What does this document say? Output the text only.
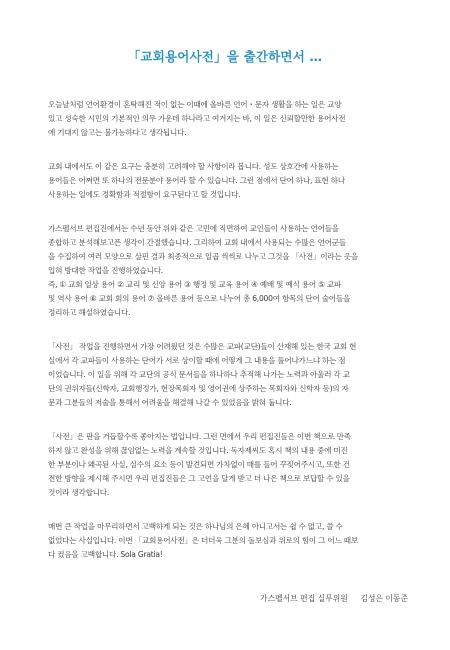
「교회용어사전」을 출간하면서 …

오늘날처럼 언어환경이 혼탁해진 적이 없는 이때에 올바른 언어・문자 생활을 하는 일은 교양
있고 성숙한 시민의 기본적인 의무 가운데 하나라고 여겨지는 바, 이 일은 신뢰할만한 용어사전
에 기대지 않고는 불가능하다고 생각됩니다.

교회 내에서도 이 같은 요구는 충분히 고려해야 할 사항이라 봅니다. 성도 상호간에 사용하는
용어들은 어쩌면 또 하나의 전문분야 용어라 할 수 있습니다. 그런 점에서 단어 하나, 표현 하나
사용하는 일에도 정확함과 적절함이 요구된다고 할 것입니다.

가스펠서브 편집진에서는 수년 동안 위와 같은 고민에 직면하여 교인들이 사용하는 언어들을
종합하고 분석해보고픈 생각이 간절했습니다. 그리하여 교회 내에서 사용되는 수많은 언어군들
을 수집하여 여러 모양으로 살핀 결과 최종적으로 일곱 씩씩로 나누고 그것을 「사전」이라는 옷을
입혀 방대한 작업을 진행하였습니다.
즉, ① 교회 일상 용어 ② 교리 및 신앙 용어 ③ 행정 및 교육 용어 ④ 예배 및 예식 용어 ⑤ 교파
및 역사 용어 ⑥ 교회 회의 용어 ⑦ 올바른 용어 등으로 나누어 총 6,000여 항목의 단어 술어들을
정리하고 해설하였습니다.

「사전」 작업을 진행하면서 가장 어려웠던 것은 수많은 교파(교단)들이 산재해 있는 한국 교회 현
실에서 각 교파들이 사용하는 단어가 서로 상이할 때에 어떻게 그 내용을 풀어나가느냐 하는 점
이었습니다. 이 일을 위해 각 교단의 공식 문서들을 하나하나 추적해 나가는 노력과 아울러 각 교
단의 권위자들(신학자, 교회행정가, 현장목회자 및 영어권에 상주하는 목회자와 신학자 등)의 자
문과 그분들의 저술을 통해서 어려움을 해결해 나갈 수 있었음을 밝혀 둡니다.

「사전」은 판을 거듭할수록 좋아지는 법입니다. 그런 면에서 우리 편집진들은 이번 책으로 만족
하지 않고 완성을 위해 끊임없는 노력을 계속할 것입니다. 독자제씨도 혹시 책의 내용 중에 미진
한 부분이나 왜곡된 사실, 실수의 요소 등이 발견되면 가차없이 매를 들어 꾸짖어주시고, 또한 건
전한 방향을 제시해 주시면 우리 편집진들은 그 고언을 달게 받고 더 나은 책으로 보답할 수 있을
것이라 생각합니다.

매번 큰 작업을 마무리하면서 고백하게 되는 것은 하나님의 은혜 아니고서는 쉽 수 없고, 쓸 수
없었다는 사실입니다. 이번 「교회용어사전」은 더더욱 그분의 돌보심과 위로의 힘이 그 어느 때보
다 컸음을 고백합니다. Sola Gratia!

가스펠서브 편집 실무위원 김성은 이동준
